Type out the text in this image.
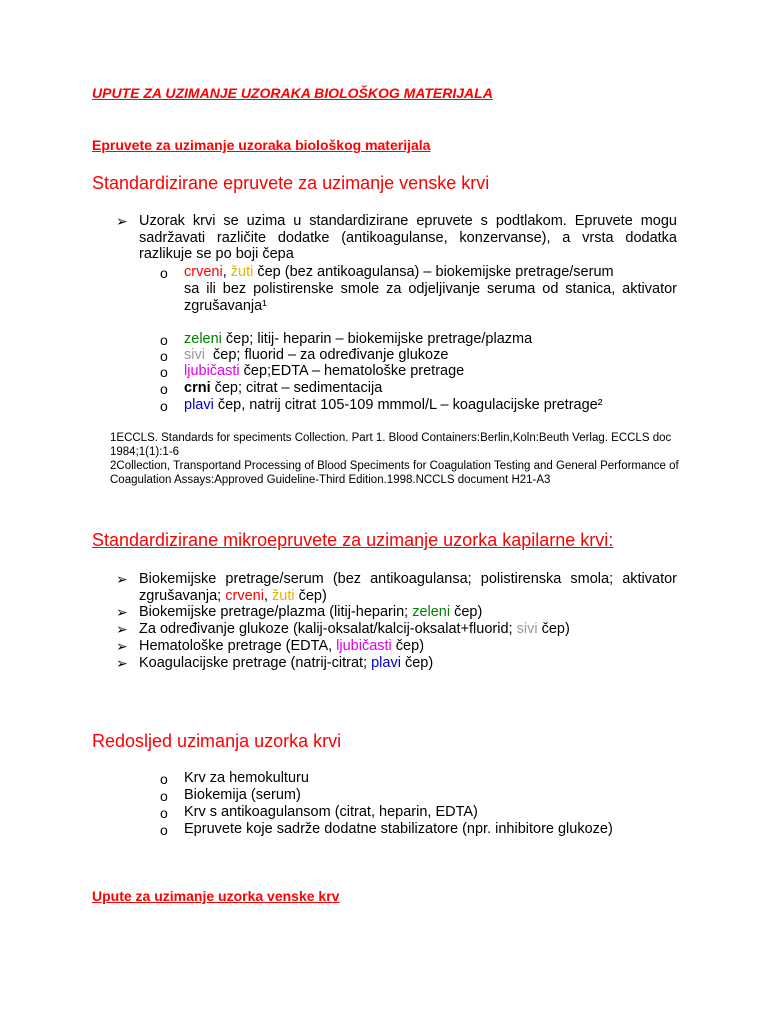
UPUTE ZA UZIMANJE UZORAKA BIOLOŠKOG MATERIJALA
Epruvete za uzimanje uzoraka biološkog materijala
Standardizirane epruvete za uzimanje venske krvi
➢ Uzorak krvi se uzima u standardizirane epruvete s podtlakom. Epruvete mogu sadržavati različite dodatke (antikoagulanse, konzervanse), a vrsta dodatka razlikuje se po boji čepa
o crveni, žuti čep (bez antikoagulansa) – biokemijske pretrage/serum
sa ili bez polistirenske smole za odjeljivanje seruma od stanica, aktivator zgrušavanja¹
o zeleni čep; litij- heparin – biokemijske pretrage/plazma
o sivi  čep; fluorid – za određivanje glukoze
o ljubičasti čep;EDTA – hematološke pretrage
o crni čep; citrat – sedimentacija
o plavi čep, natrij citrat 105-109 mmmol/L – koagulacijske pretrage²
1ECCLS. Standards for speciments Collection. Part 1. Blood Containers:Berlin,Koln:Beuth Verlag. ECCLS doc 1984;1(1):1-6
2Collection, Transportand Processing of Blood Speciments for Coagulation Testing and General Performance of Coagulation Assays:Approved Guideline-Third Edition.1998.NCCLS document H21-A3
Standardizirane mikroepruvete za uzimanje uzorka kapilarne krvi:
➢ Biokemijske pretrage/serum (bez antikoagulansa; polistirenska smola; aktivator zgrušavanja; crveni, žuti čep)
➢ Biokemijske pretrage/plazma (litij-heparin; zeleni čep)
➢ Za određivanje glukoze (kalij-oksalat/kalcij-oksalat+fluorid; sivi čep)
➢ Hematološke pretrage (EDTA, ljubičasti čep)
➢ Koagulacijske pretrage (natrij-citrat; plavi čep)
Redosljed uzimanja uzorka krvi
o Krv za hemokulturu
o Biokemija (serum)
o Krv s antikoagulansom (citrat, heparin, EDTA)
o Epruvete koje sadrže dodatne stabilizatore (npr. inhibitore glukoze)
Upute za uzimanje uzorka venske krv
